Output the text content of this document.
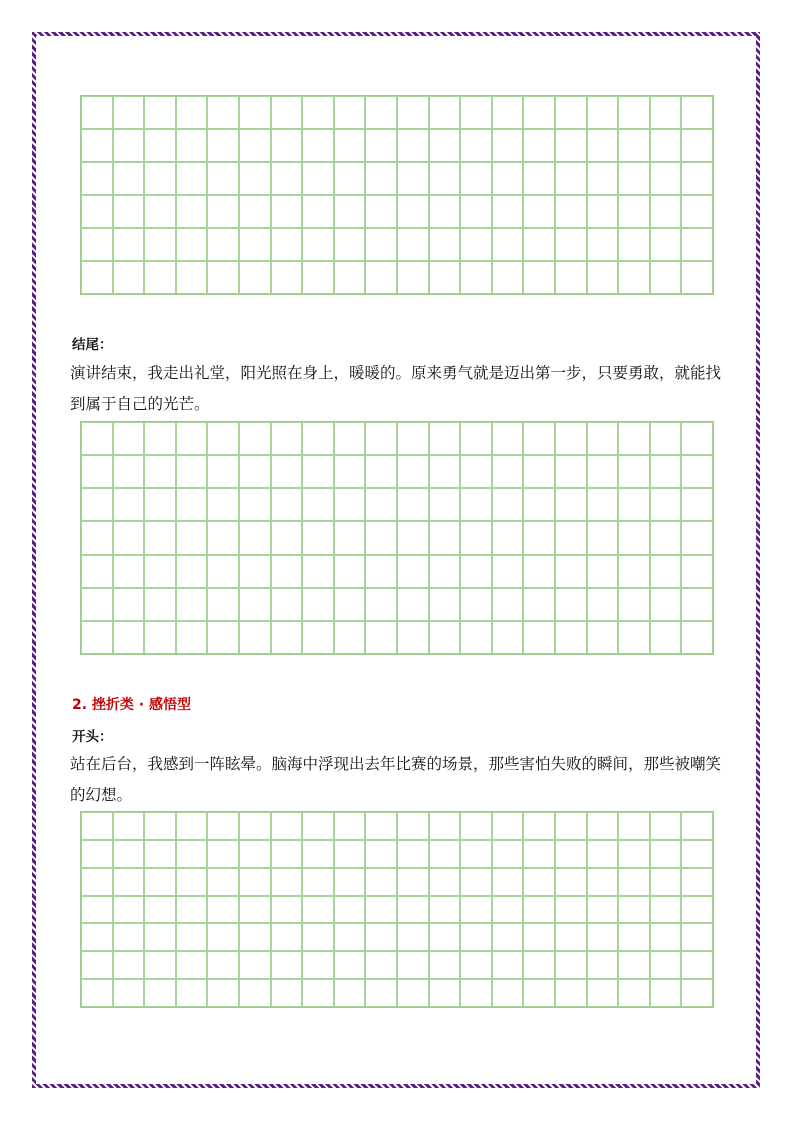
结尾：
演讲结束，我走出礼堂，阳光照在身上，暖暖的。原来勇气就是迈出第一步，只要勇敢，就能找到属于自己的光芒。
2. 挫折类 · 感悟型
开头：
站在后台，我感到一阵眩晕。脑海中浮现出去年比赛的场景，那些害怕失败的瞬间，那些被嘲笑的幻想。
